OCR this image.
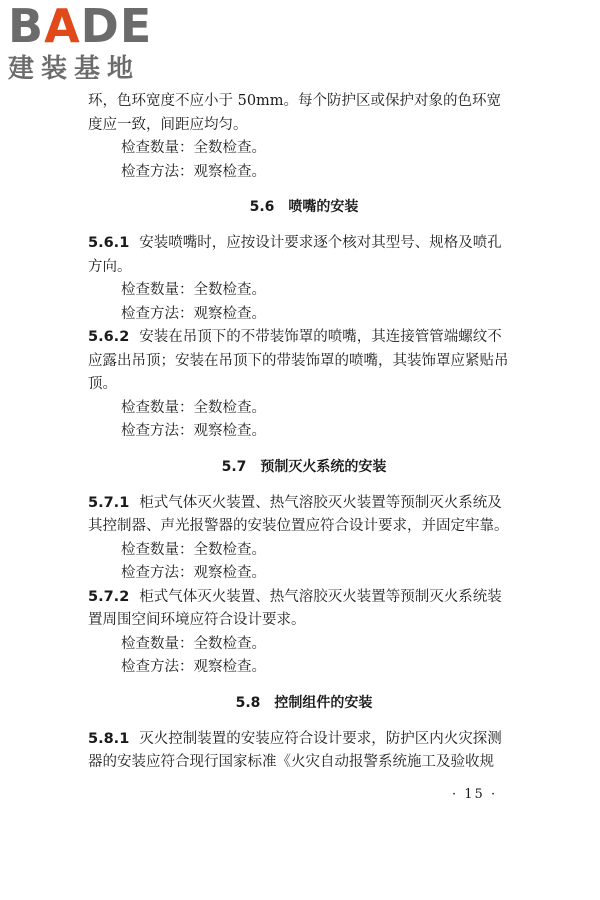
BADE
建装基地
环，色环宽度不应小于 50mm。每个防护区或保护对象的色环宽
度应一致，间距应均匀。
检查数量：全数检查。
检查方法：观察检查。
5.6 喷嘴的安装
5.6.1 安装喷嘴时，应按设计要求逐个核对其型号、规格及喷孔
方向。
检查数量：全数检查。
检查方法：观察检查。
5.6.2 安装在吊顶下的不带装饰罩的喷嘴，其连接管管端螺纹不
应露出吊顶；安装在吊顶下的带装饰罩的喷嘴，其装饰罩应紧贴吊
顶。
检查数量：全数检查。
检查方法：观察检查。
5.7 预制灭火系统的安装
5.7.1 柜式气体灭火装置、热气溶胶灭火装置等预制灭火系统及
其控制器、声光报警器的安装位置应符合设计要求，并固定牢靠。
检查数量：全数检查。
检查方法：观察检查。
5.7.2 柜式气体灭火装置、热气溶胶灭火装置等预制灭火系统装
置周围空间环境应符合设计要求。
检查数量：全数检查。
检查方法：观察检查。
5.8 控制组件的安装
5.8.1 灭火控制装置的安装应符合设计要求，防护区内火灾探测
器的安装应符合现行国家标准《火灾自动报警系统施工及验收规
· 15 ·
